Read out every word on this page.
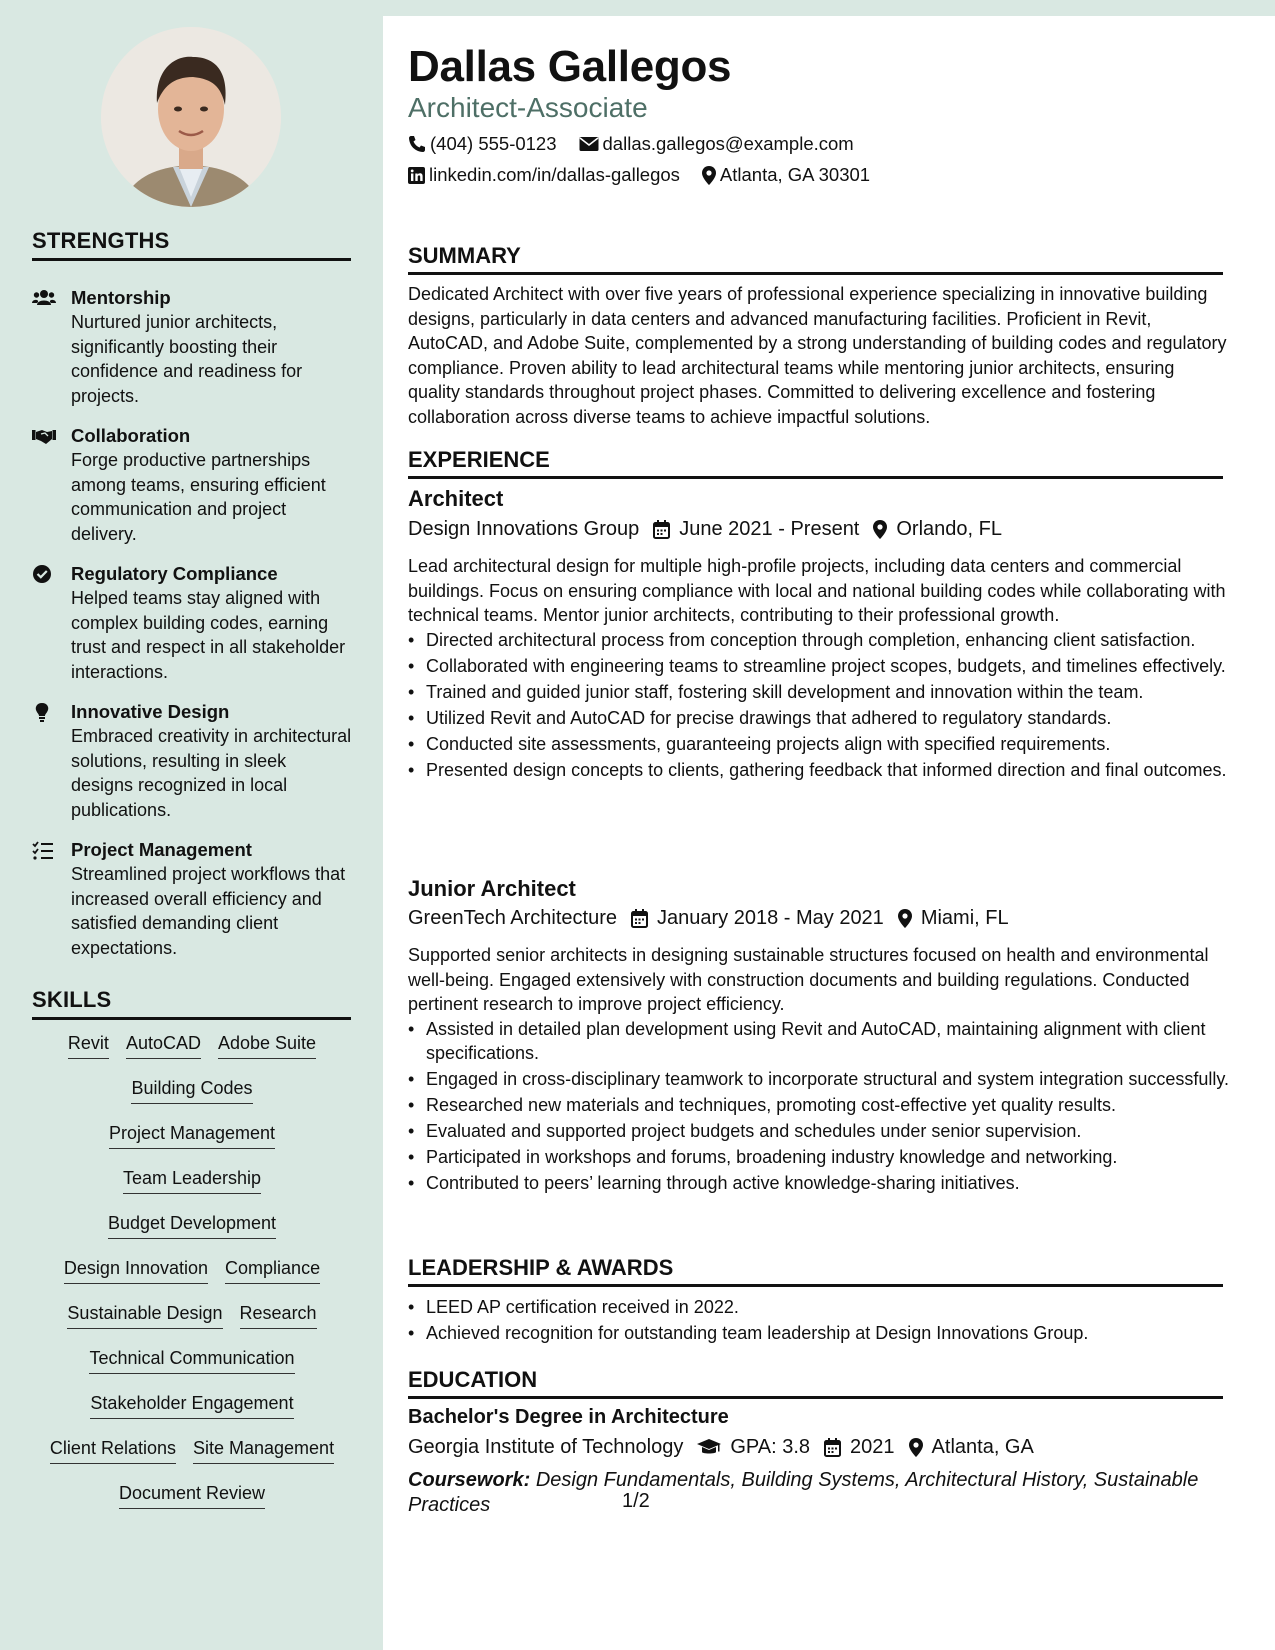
STRENGTHS
Mentorship
Nurtured junior architects, significantly boosting their confidence and readiness for projects.
Collaboration
Forge productive partnerships among teams, ensuring efficient communication and project delivery.
Regulatory Compliance
Helped teams stay aligned with complex building codes, earning trust and respect in all stakeholder interactions.
Innovative Design
Embraced creativity in architectural solutions, resulting in sleek designs recognized in local publications.
Project Management
Streamlined project workflows that increased overall efficiency and satisfied demanding client expectations.
SKILLS
Revit AutoCAD Adobe Suite
Building Codes
Project Management
Team Leadership
Budget Development
Design Innovation Compliance
Sustainable Design Research
Technical Communication
Stakeholder Engagement
Client Relations Site Management
Document Review
Dallas Gallegos
Architect-Associate
(404) 555-0123 dallas.gallegos@example.com
linkedin.com/in/dallas-gallegos Atlanta, GA 30301
SUMMARY
Dedicated Architect with over five years of professional experience specializing in innovative building designs, particularly in data centers and advanced manufacturing facilities. Proficient in Revit, AutoCAD, and Adobe Suite, complemented by a strong understanding of building codes and regulatory compliance. Proven ability to lead architectural teams while mentoring junior architects, ensuring quality standards throughout project phases. Committed to delivering excellence and fostering collaboration across diverse teams to achieve impactful solutions.
EXPERIENCE
Architect
Design Innovations Group June 2021 - Present Orlando, FL
Lead architectural design for multiple high-profile projects, including data centers and commercial buildings. Focus on ensuring compliance with local and national building codes while collaborating with technical teams. Mentor junior architects, contributing to their professional growth.
• Directed architectural process from conception through completion, enhancing client satisfaction.
• Collaborated with engineering teams to streamline project scopes, budgets, and timelines effectively.
• Trained and guided junior staff, fostering skill development and innovation within the team.
• Utilized Revit and AutoCAD for precise drawings that adhered to regulatory standards.
• Conducted site assessments, guaranteeing projects align with specified requirements.
• Presented design concepts to clients, gathering feedback that informed direction and final outcomes.
Junior Architect
GreenTech Architecture January 2018 - May 2021 Miami, FL
Supported senior architects in designing sustainable structures focused on health and environmental well-being. Engaged extensively with construction documents and building regulations. Conducted pertinent research to improve project efficiency.
• Assisted in detailed plan development using Revit and AutoCAD, maintaining alignment with client specifications.
• Engaged in cross-disciplinary teamwork to incorporate structural and system integration successfully.
• Researched new materials and techniques, promoting cost-effective yet quality results.
• Evaluated and supported project budgets and schedules under senior supervision.
• Participated in workshops and forums, broadening industry knowledge and networking.
• Contributed to peers’ learning through active knowledge-sharing initiatives.
LEADERSHIP & AWARDS
• LEED AP certification received in 2022.
• Achieved recognition for outstanding team leadership at Design Innovations Group.
EDUCATION
Bachelor's Degree in Architecture
Georgia Institute of Technology GPA: 3.8 2021 Atlanta, GA
Coursework: Design Fundamentals, Building Systems, Architectural History, Sustainable Practices	1/2
